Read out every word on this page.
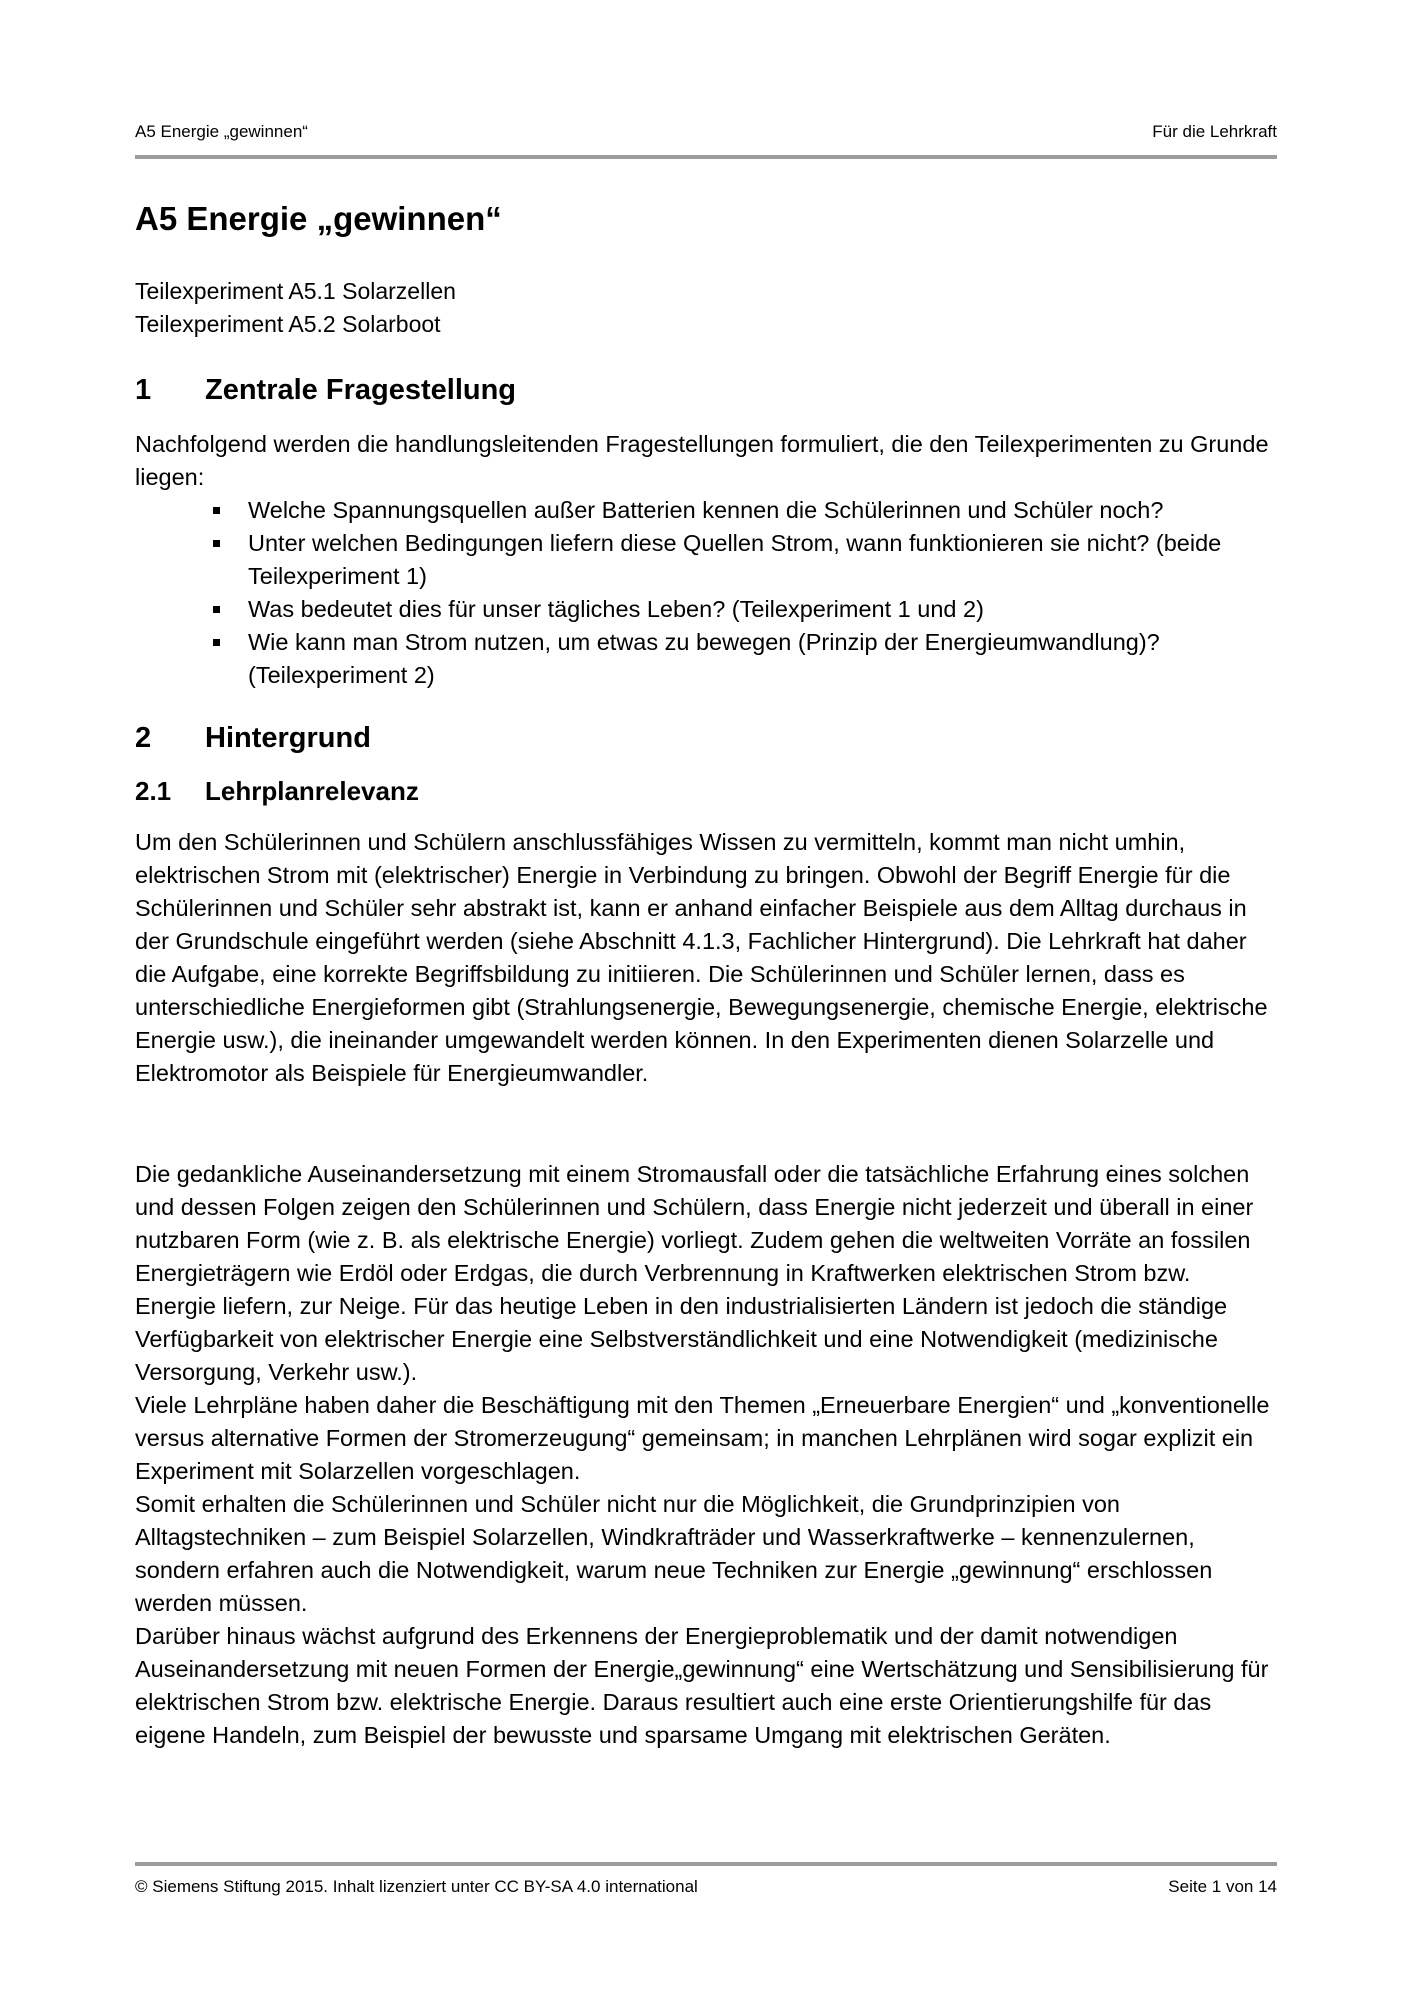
A5 Energie „gewinnen“	Für die Lehrkraft
A5 Energie „gewinnen“
Teilexperiment A5.1 Solarzellen
Teilexperiment A5.2 Solarboot
1 Zentrale Fragestellung

Nachfolgend werden die handlungsleitenden Fragestellungen formuliert, die den Teilexperimenten zu Grunde liegen:

Welche Spannungsquellen außer Batterien kennen die Schülerinnen und Schüler noch?
Unter welchen Bedingungen liefern diese Quellen Strom, wann funktionieren sie nicht? (beide Teilexperiment 1)
Was bedeutet dies für unser tägliches Leben? (Teilexperiment 1 und 2)
Wie kann man Strom nutzen, um etwas zu bewegen (Prinzip der Energieumwandlung)? (Teilexperiment 2)
2 Hintergrund
2.1 Lehrplanrelevanz

Um den Schülerinnen und Schülern anschlussfähiges Wissen zu vermitteln, kommt man nicht umhin, elektrischen Strom mit (elektrischer) Energie in Verbindung zu bringen. Obwohl der Begriff Energie für die Schülerinnen und Schüler sehr abstrakt ist, kann er anhand einfacher Beispiele aus dem Alltag durchaus in der Grundschule eingeführt werden (siehe Abschnitt 4.1.3, Fachlicher Hintergrund). Die Lehrkraft hat daher die Aufgabe, eine korrekte Begriffsbildung zu initiieren. Die Schülerinnen und Schüler lernen, dass es unterschiedliche Energieformen gibt (Strahlungsenergie, Bewegungsenergie, chemische Energie, elektrische Energie usw.), die ineinander umgewandelt werden können. In den Experimenten dienen Solarzelle und Elektromotor als Beispiele für Energieumwandler.

Die gedankliche Auseinandersetzung mit einem Stromausfall oder die tatsächliche Erfahrung eines solchen und dessen Folgen zeigen den Schülerinnen und Schülern, dass Energie nicht jederzeit und überall in einer nutzbaren Form (wie z. B. als elektrische Energie) vorliegt. Zudem gehen die weltweiten Vorräte an fossilen Energieträgern wie Erdöl oder Erdgas, die durch Verbrennung in Kraftwerken elektrischen Strom bzw. Energie liefern, zur Neige. Für das heutige Leben in den industrialisierten Ländern ist jedoch die ständige Verfügbarkeit von elektrischer Energie eine Selbstverständlichkeit und eine Notwendigkeit (medizinische Versorgung, Verkehr usw.).

Viele Lehrpläne haben daher die Beschäftigung mit den Themen „Erneuerbare Energien“ und „konventionelle versus alternative Formen der Stromerzeugung“ gemeinsam; in manchen Lehrplänen wird sogar explizit ein Experiment mit Solarzellen vorgeschlagen.

Somit erhalten die Schülerinnen und Schüler nicht nur die Möglichkeit, die Grundprinzipien von Alltagstechniken – zum Beispiel Solarzellen, Windkrafträder und Wasserkraftwerke – kennenzulernen, sondern erfahren auch die Notwendigkeit, warum neue Techniken zur Energie „gewinnung“ erschlossen werden müssen.

Darüber hinaus wächst aufgrund des Erkennens der Energieproblematik und der damit notwendigen Auseinandersetzung mit neuen Formen der Energie„gewinnung“ eine Wertschätzung und Sensibilisierung für elektrischen Strom bzw. elektrische Energie. Daraus resultiert auch eine erste Orientierungshilfe für das eigene Handeln, zum Beispiel der bewusste und sparsame Umgang mit elektrischen Geräten.

© Siemens Stiftung 2015. Inhalt lizenziert unter CC BY-SA 4.0 international	Seite 1 von 14
